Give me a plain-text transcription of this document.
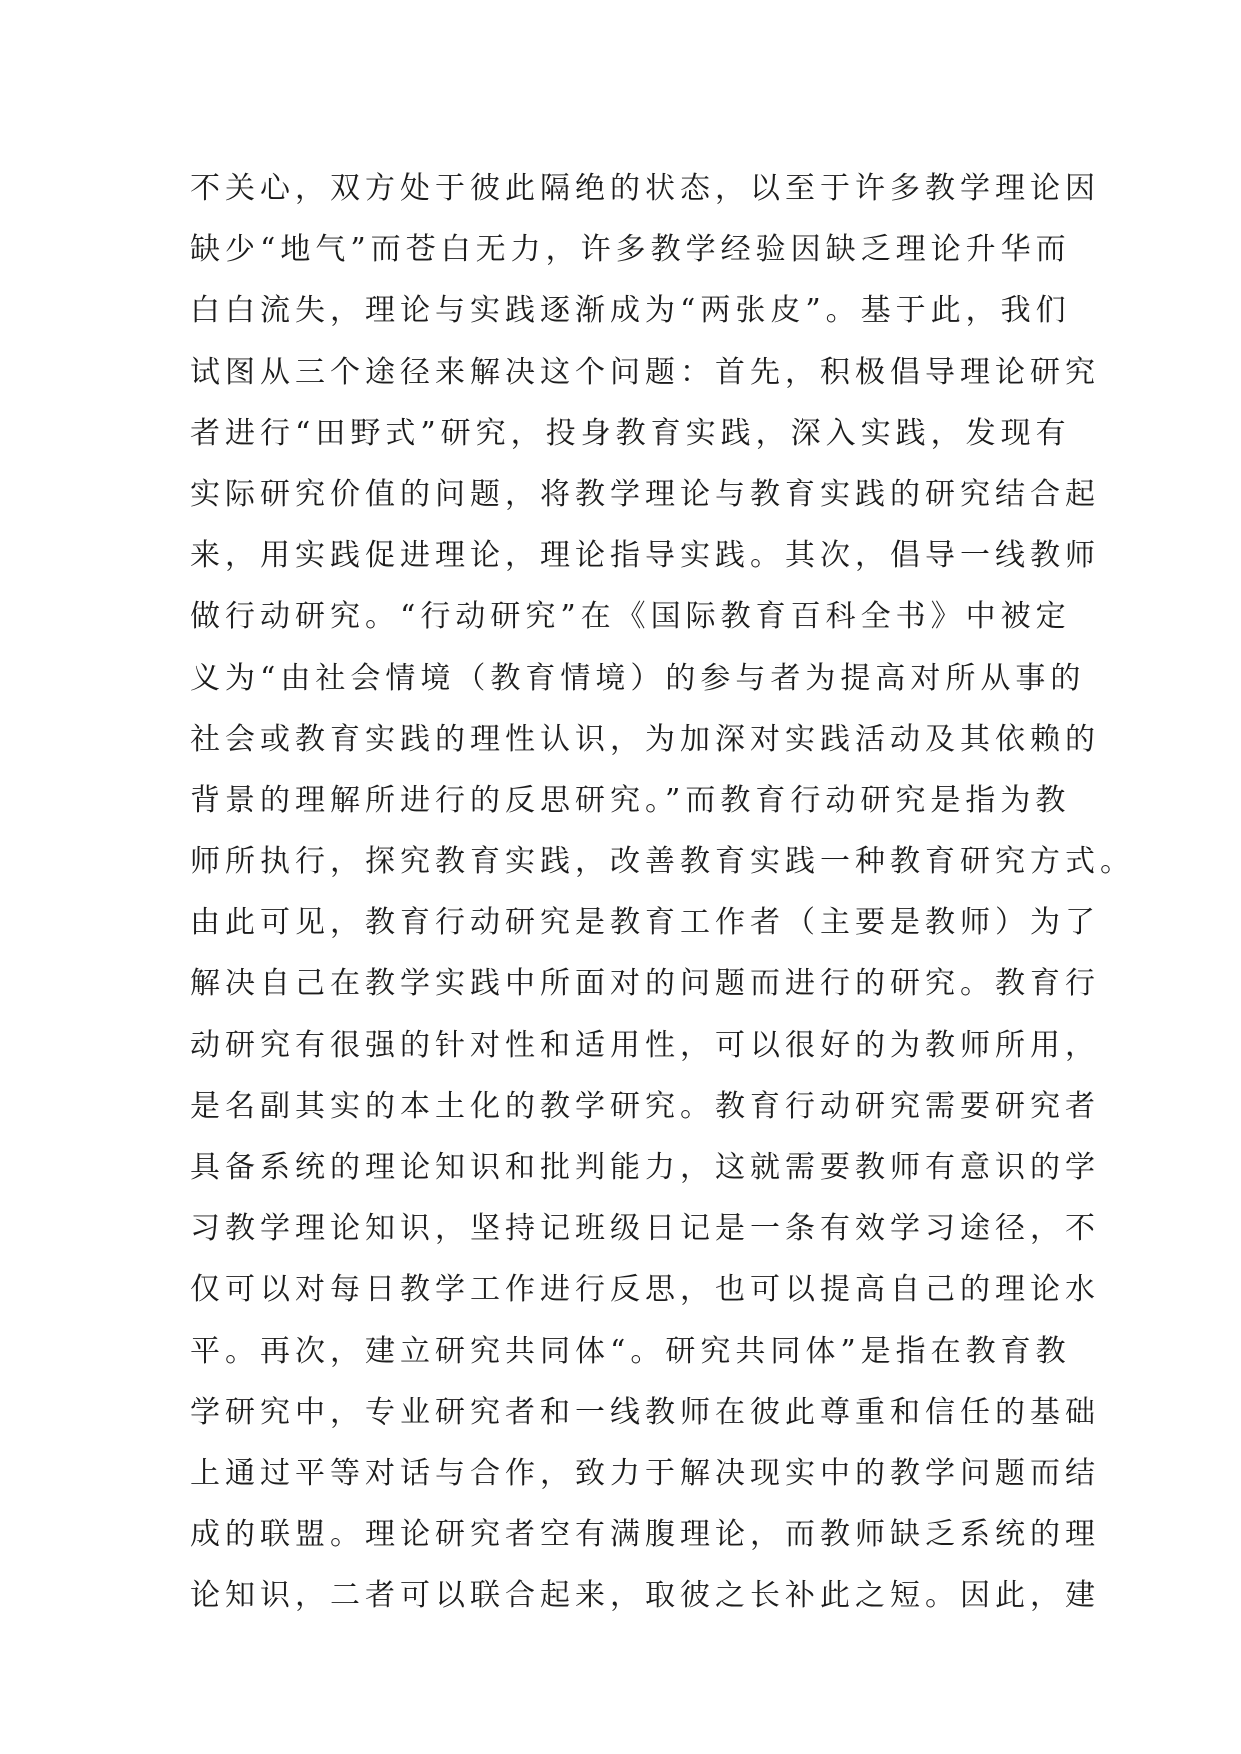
不关心，双方处于彼此隔绝的状态，以至于许多教学理论因
缺少“地气”而苍白无力，许多教学经验因缺乏理论升华而
白白流失，理论与实践逐渐成为“两张皮”。基于此，我们
试图从三个途径来解决这个问题：首先，积极倡导理论研究
者进行“田野式”研究，投身教育实践，深入实践，发现有
实际研究价值的问题，将教学理论与教育实践的研究结合起
来，用实践促进理论，理论指导实践。其次，倡导一线教师
做行动研究。“行动研究”在《国际教育百科全书》中被定
义为“由社会情境（教育情境）的参与者为提高对所从事的
社会或教育实践的理性认识，为加深对实践活动及其依赖的
背景的理解所进行的反思研究。”而教育行动研究是指为教
师所执行，探究教育实践，改善教育实践一种教育研究方式。
由此可见，教育行动研究是教育工作者（主要是教师）为了
解决自己在教学实践中所面对的问题而进行的研究。教育行
动研究有很强的针对性和适用性，可以很好的为教师所用，
是名副其实的本土化的教学研究。教育行动研究需要研究者
具备系统的理论知识和批判能力，这就需要教师有意识的学
习教学理论知识，坚持记班级日记是一条有效学习途径，不
仅可以对每日教学工作进行反思，也可以提高自己的理论水
平。再次，建立研究共同体“。研究共同体”是指在教育教
学研究中，专业研究者和一线教师在彼此尊重和信任的基础
上通过平等对话与合作，致力于解决现实中的教学问题而结
成的联盟。理论研究者空有满腹理论，而教师缺乏系统的理
论知识，二者可以联合起来，取彼之长补此之短。因此，建
